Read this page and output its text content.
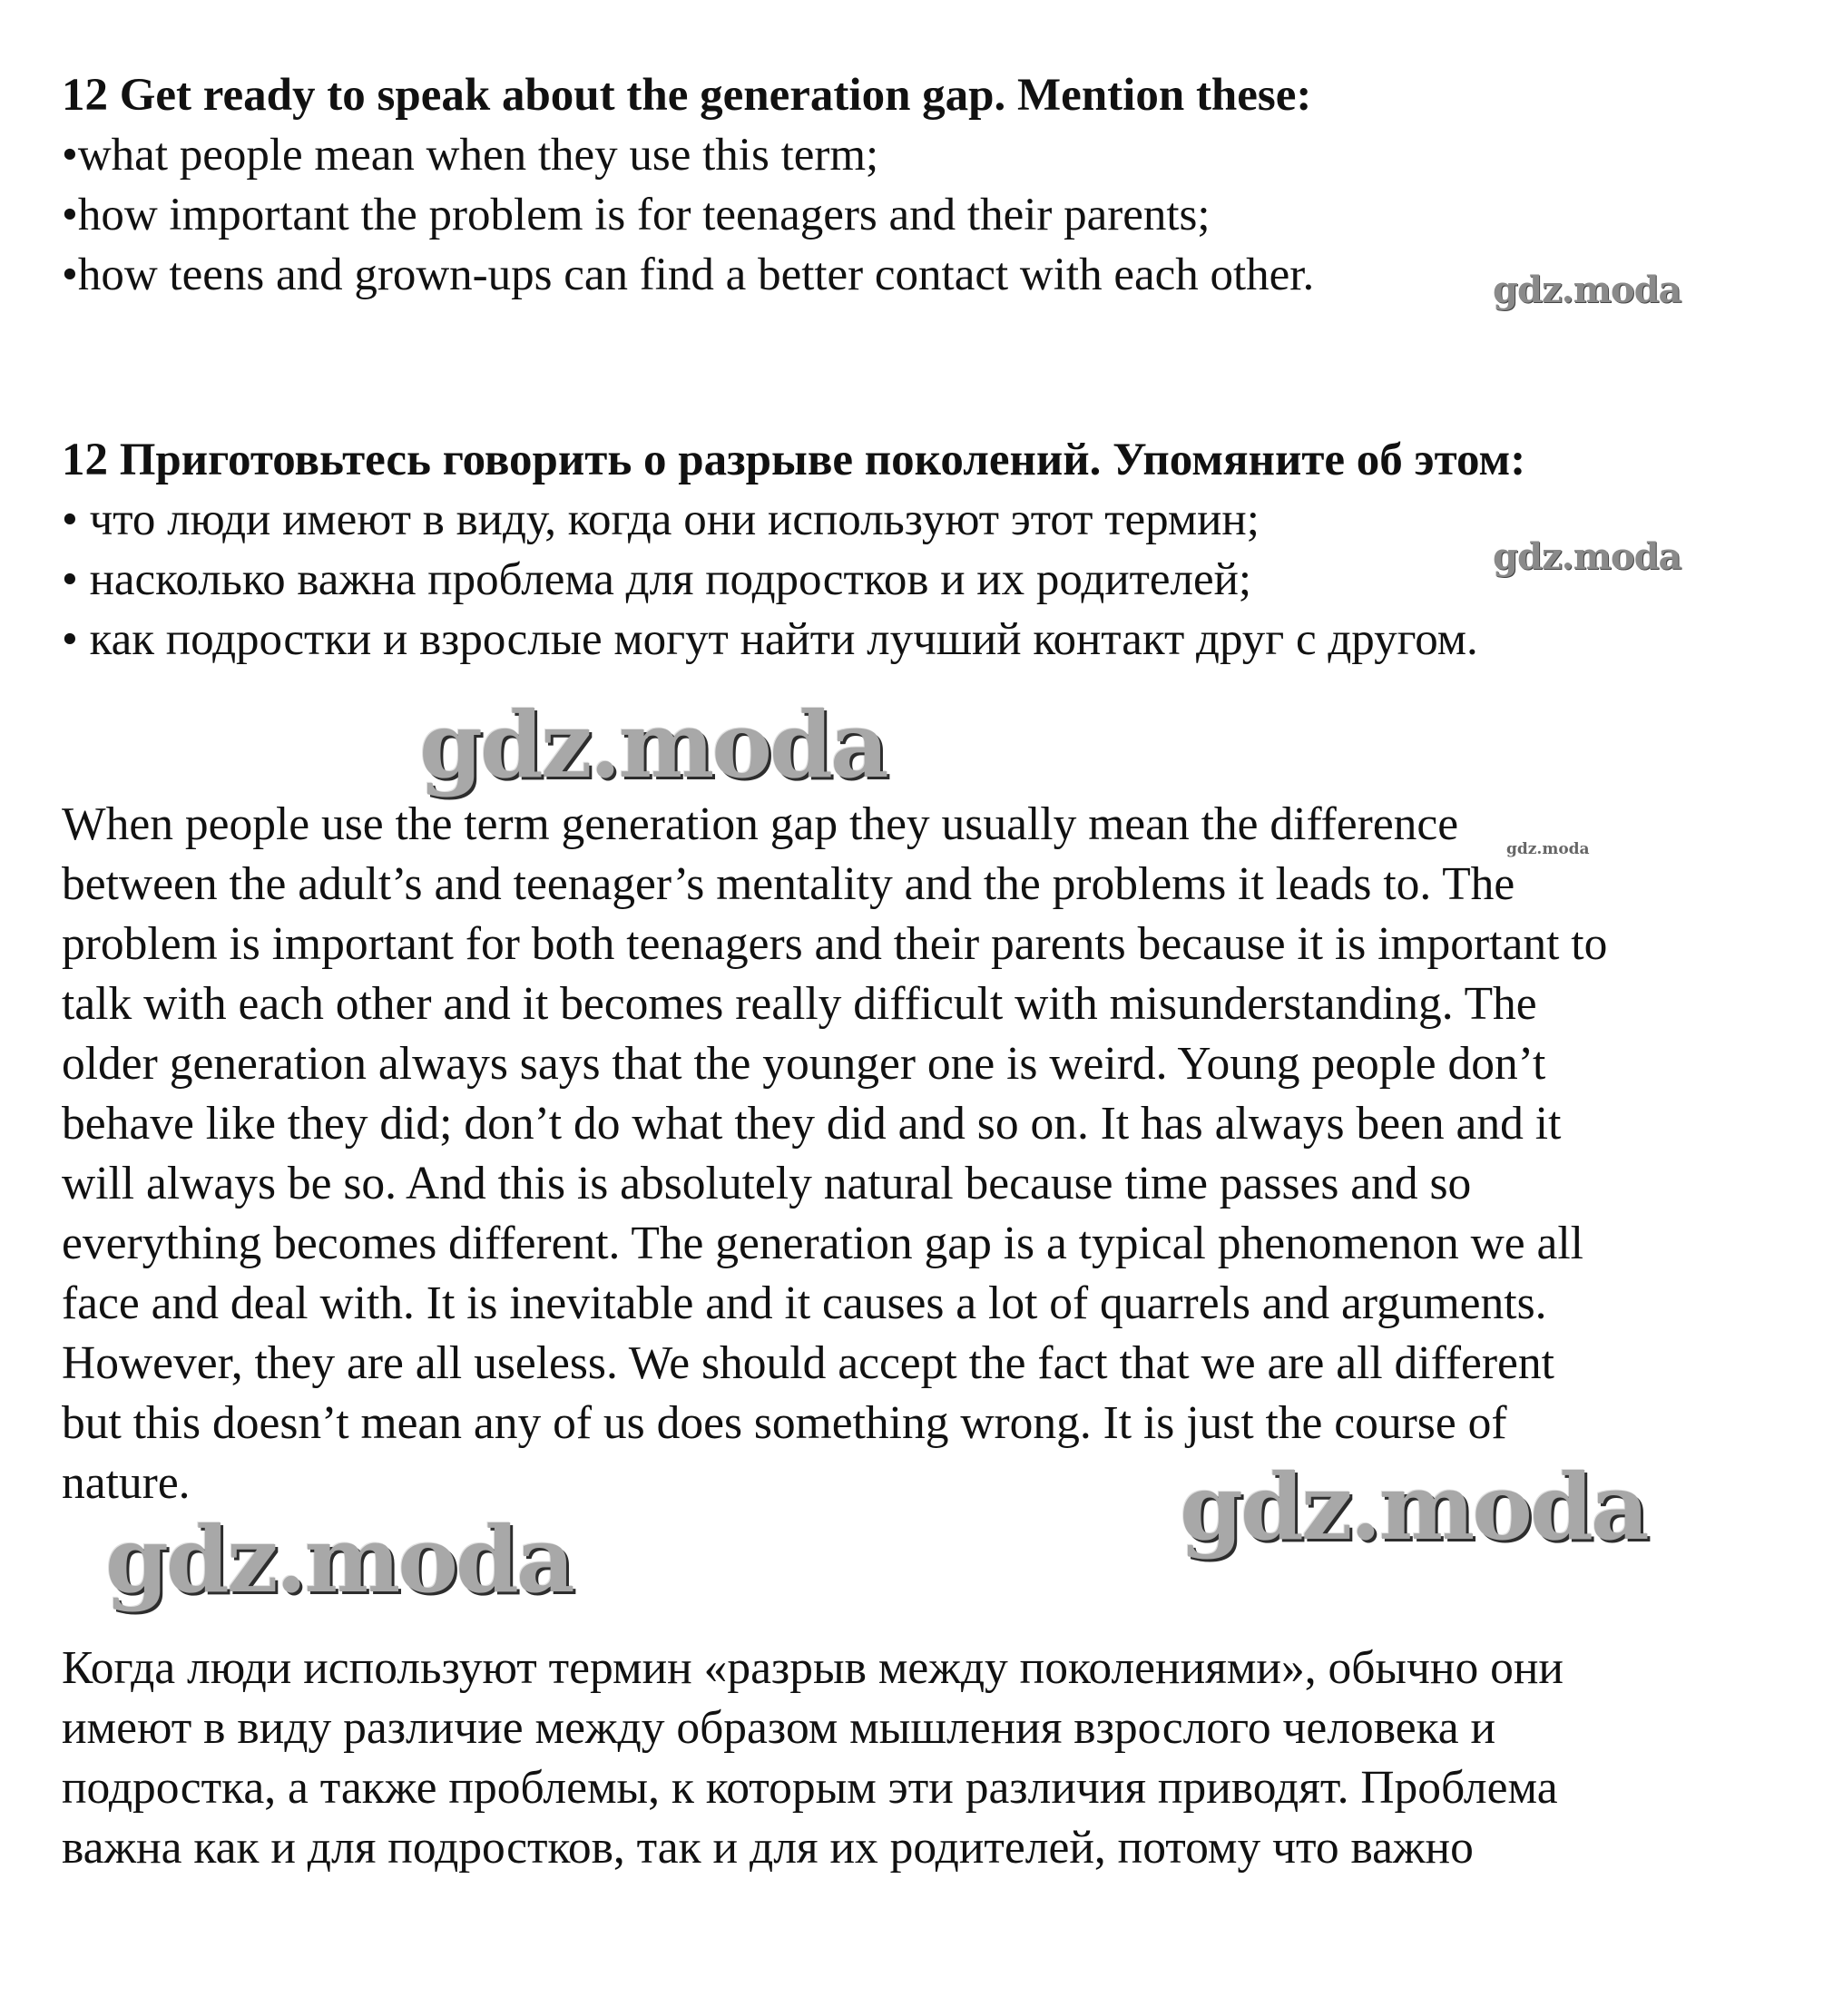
12 Get ready to speak about the generation gap. Mention these:

•what people mean when they use this term;

•how important the problem is for teenagers and their parents;

•how teens and grown-ups can find a better contact with each other.

12 Приготовьтесь говорить о разрыве поколений. Упомяните об этом:

• что люди имеют в виду, когда они используют этот термин;

• насколько важна проблема для подростков и их родителей;

• как подростки и взрослые могут найти лучший контакт друг с другом.

When people use the term generation gap they usually mean the difference
between the adult’s and teenager’s mentality and the problems it leads to. The
problem is important for both teenagers and their parents because it is important to
talk with each other and it becomes really difficult with misunderstanding. The
older generation always says that the younger one is weird. Young people don’t
behave like they did; don’t do what they did and so on. It has always been and it
will always be so. And this is absolutely natural because time passes and so
everything becomes different. The generation gap is a typical phenomenon we all
face and deal with. It is inevitable and it causes a lot of quarrels and arguments.
However, they are all useless. We should accept the fact that we are all different
but this doesn’t mean any of us does something wrong. It is just the course of
nature.
Когда люди используют термин «разрыв между поколениями», обычно они
имеют в виду различие между образом мышления взрослого человека и
подростка, а также проблемы, к которым эти различия приводят. Проблема
важна как и для подростков, так и для их родителей, потому что важно
gdz.moda
gdz.moda
gdz.moda
gdz.moda
gdz.moda
gdz.moda
